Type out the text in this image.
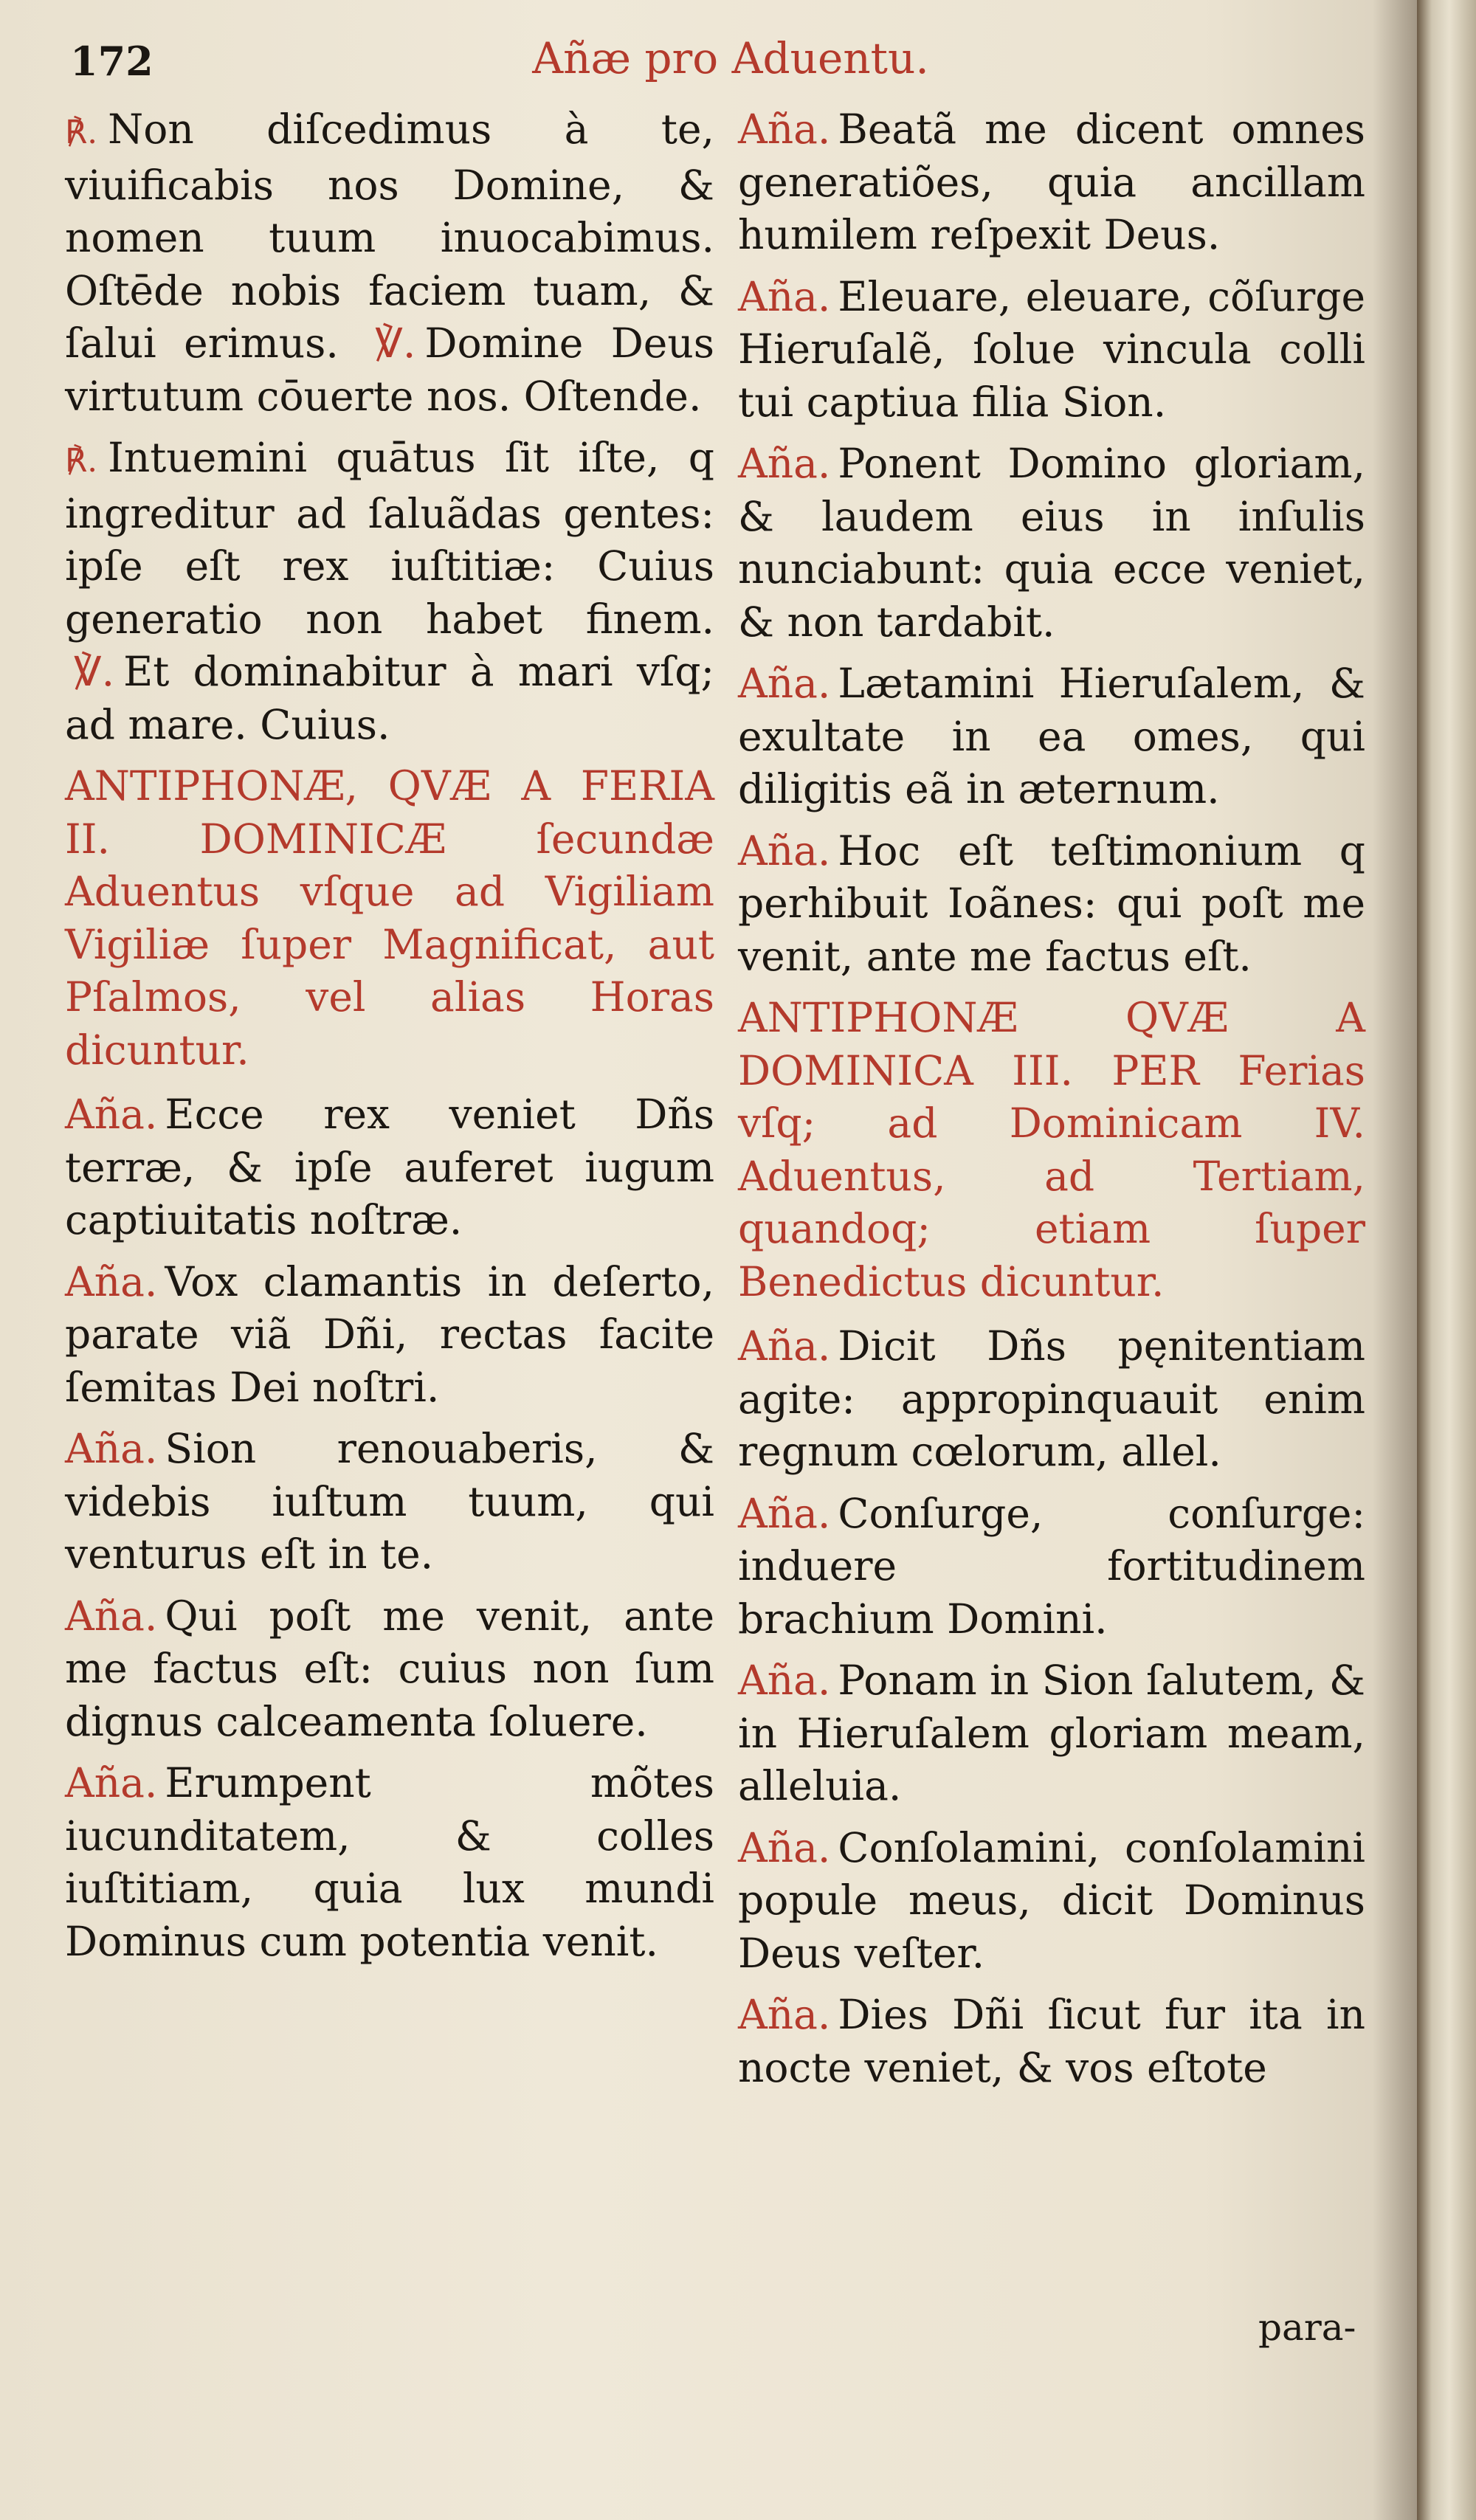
172	Añæ pro Aduentu.

℟. Non diſcedimus à te, viuificabis nos Domine, & nomen tuum inuocabimus. Oſtēde nobis faciem tuam, & ſalui erimus. ℣. Domine Deus virtutum cōuerte nos. Oſtende.

℟. Intuemini quātus ſit iſte, q ingreditur ad ſaluãdas gentes: ipſe eſt rex iuſtitiæ: Cuius generatio non habet finem. ℣. Et dominabitur à mari vſq; ad mare. Cuius.

ANTIPHONÆ, QVÆ A FERIA II. DOMINICÆ ſecundæ Aduentus vſque ad Vigiliam Vigiliæ ſuper Magnificat, aut Pſalmos, vel alias Horas dicuntur.

Aña. Ecce rex veniet Dñs terræ, & ipſe auferet iugum captiuitatis noſtræ.

Aña. Vox clamantis in deſerto, parate viã Dñi, rectas facite ſemitas Dei noſtri.

Aña. Sion renouaberis, & videbis iuſtum tuum, qui venturus eſt in te.

Aña. Qui poſt me venit, ante me factus eſt: cuius non ſum dignus calceamenta ſoluere.

Aña. Erumpent mõtes iucunditatem, & colles iuſtitiam, quia lux mundi Dominus cum potentia venit.

Aña. Beatã me dicent omnes generatiões, quia ancillam humilem reſpexit Deus.

Aña. Eleuare, eleuare, cõſurge Hieruſalẽ, ſolue vincula colli tui captiua filia Sion.

Aña. Ponent Domino gloriam, & laudem eius in inſulis nunciabunt: quia ecce veniet, & non tardabit.

Aña. Lætamini Hieruſalem, & exultate in ea omes, qui diligitis eã in æternum.

Aña. Hoc eſt teſtimonium q perhibuit Ioãnes: qui poſt me venit, ante me factus eſt.

ANTIPHONÆ QVÆ A DOMINICA III. PER Ferias vſq; ad Dominicam IV. Aduentus, ad Tertiam, quandoq; etiam ſuper Benedictus dicuntur.

Aña. Dicit Dñs pęnitentiam agite: appropinquauit enim regnum cœlorum, allel.

Aña. Conſurge, conſurge: induere fortitudinem brachium Domini.

Aña. Ponam in Sion ſalutem, & in Hieruſalem gloriam meam, alleluia.

Aña. Conſolamini, conſolamini popule meus, dicit Dominus Deus veſter.

Aña. Dies Dñi ſicut fur ita in nocte veniet, & vos eſtote

para-
